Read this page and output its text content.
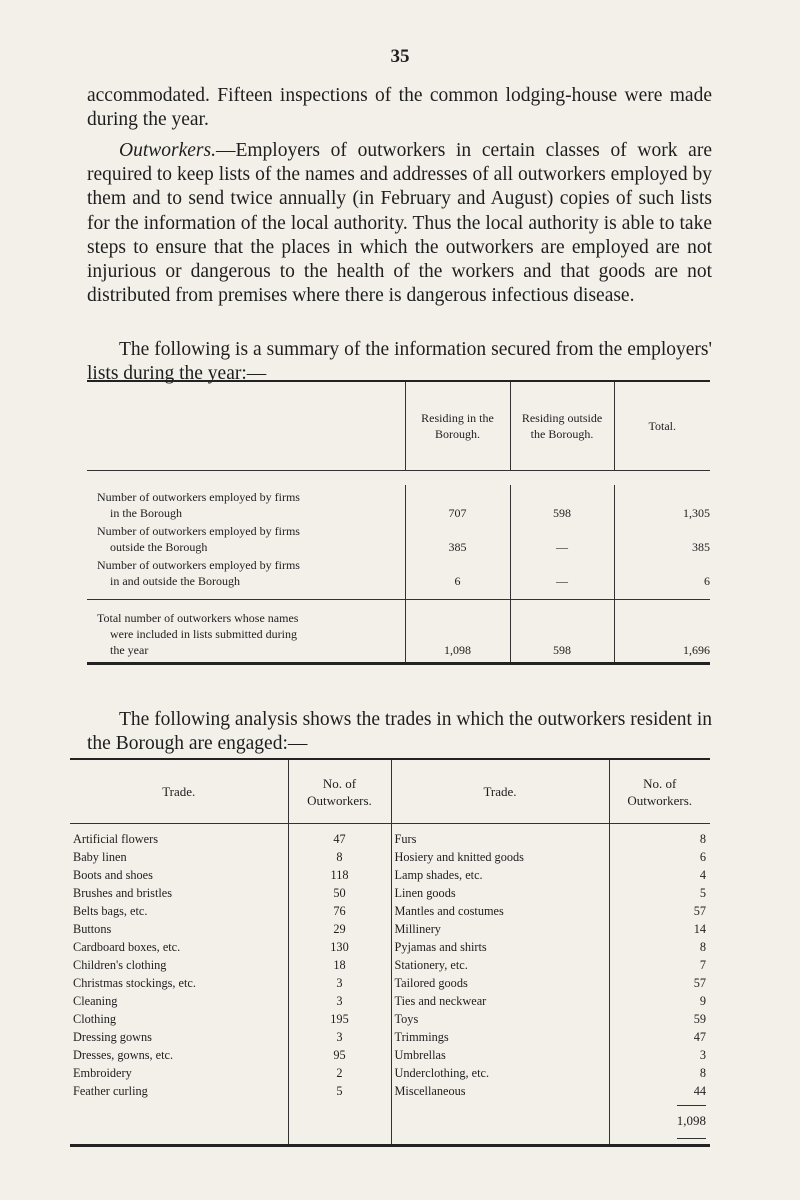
35

accommodated. Fifteen inspections of the common lodging-house were made during the year.

Outworkers.—Employers of outworkers in certain classes of work are required to keep lists of the names and addresses of all outworkers employed by them and to send twice annually (in February and August) copies of such lists for the information of the local authority. Thus the local authority is able to take steps to ensure that the places in which the outworkers are employed are not injurious or dangerous to the health of the workers and that goods are not distributed from premises where there is dangerous infectious disease.

The following is a summary of the information secured from the employers' lists during the year:—

	Residing in the Borough.	Residing outside the Borough.	Total.

Number of outworkers employed by firms
in the Borough	707	598	1,305

Number of outworkers employed by firms
outside the Borough	385	—	385

Number of outworkers employed by firms
in and outside the Borough	6	—	6

Total number of outworkers whose names
were included in lists submitted during
the year	1,098	598	1,696

The following analysis shows the trades in which the outworkers resident in the Borough are engaged:—

Trade.	No. of Outworkers.	Trade.	No. of Outworkers.

Artificial flowers	47	Furs	8
Baby linen	8	Hosiery and knitted goods	6
Boots and shoes	118	Lamp shades, etc.	4
Brushes and bristles	50	Linen goods	5
Belts bags, etc.	76	Mantles and costumes	57
Buttons	29	Millinery	14
Cardboard boxes, etc.	130	Pyjamas and shirts	8
Children's clothing	18	Stationery, etc.	7
Christmas stockings, etc.	3	Tailored goods	57
Cleaning	3	Ties and neckwear	9
Clothing	195	Toys	59
Dressing gowns	3	Trimmings	47
Dresses, gowns, etc.	95	Umbrellas	3
Embroidery	2	Underclothing, etc.	8
Feather curling	5	Miscellaneous	44
			1,098
